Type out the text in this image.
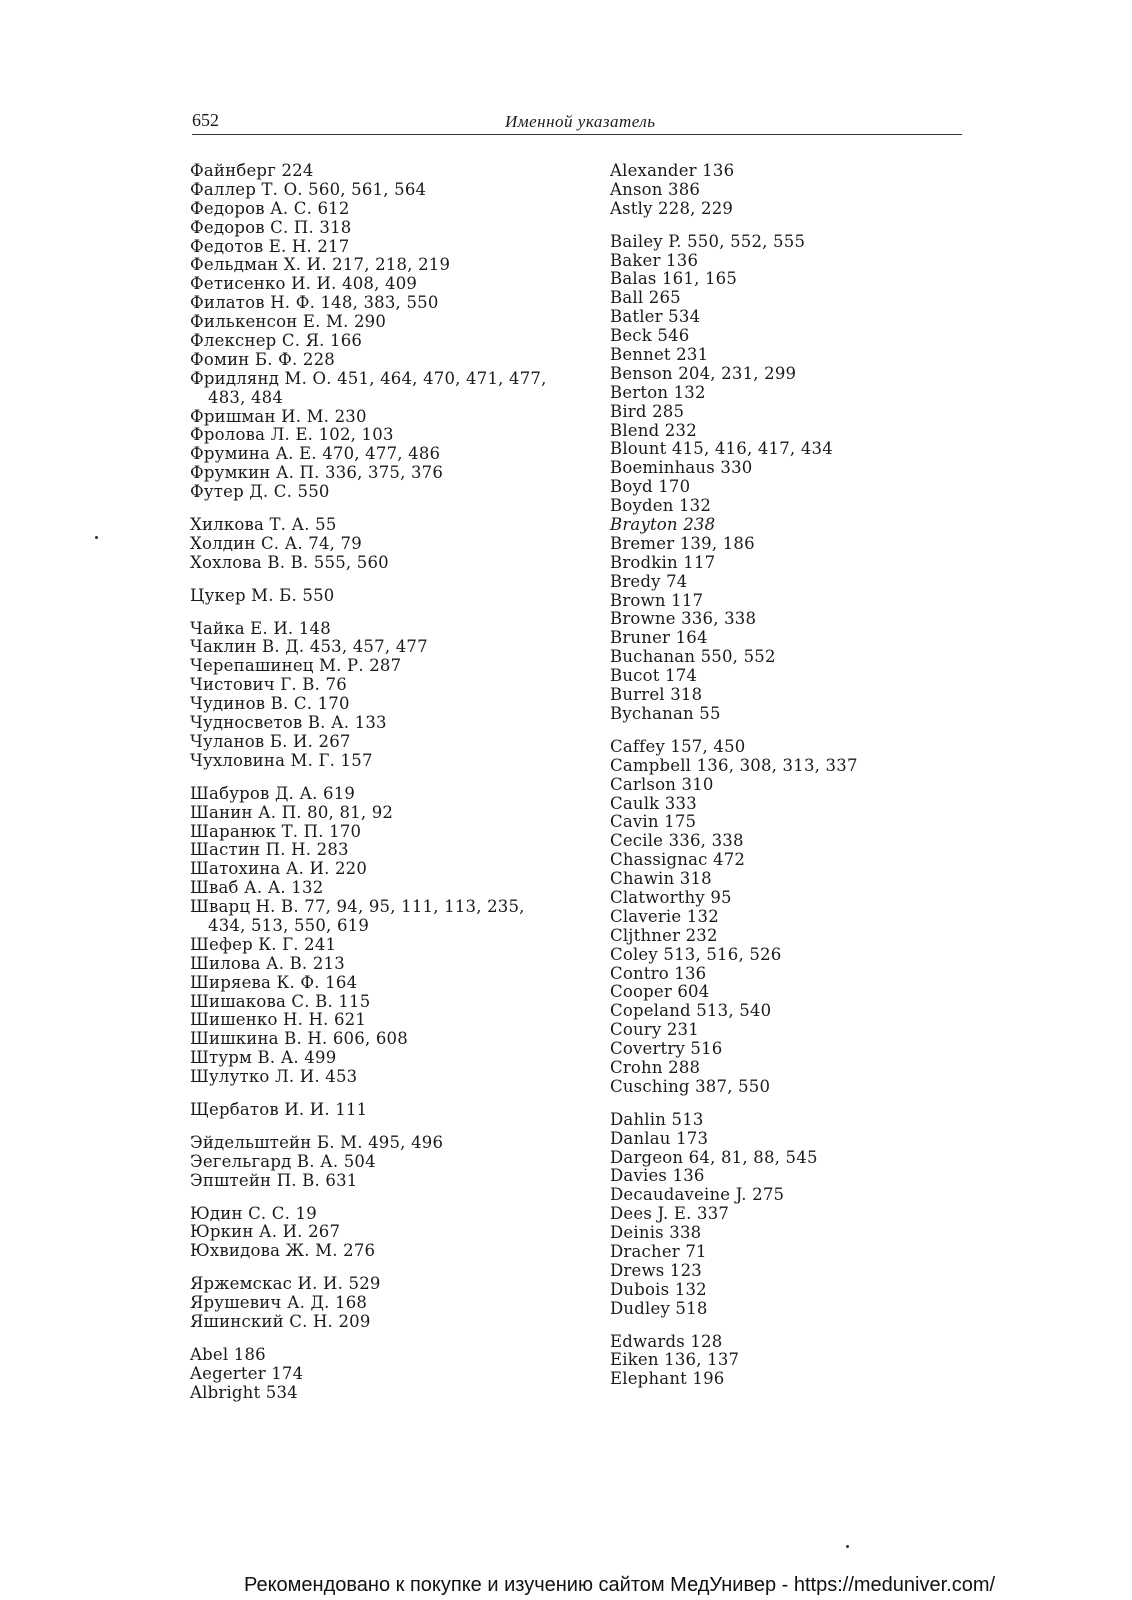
652	Именной указатель
Файнберг 224
Фаллер Т. О. 560, 561, 564
Федоров А. С. 612
Федоров С. П. 318
Федотов Е. Н. 217
Фельдман Х. И. 217, 218, 219
Фетисенко И. И. 408, 409
Филатов Н. Ф. 148, 383, 550
Филькенсон Е. М. 290
Флекснер С. Я. 166
Фомин Б. Ф. 228
Фридлянд М. О. 451, 464, 470, 471, 477,
483, 484
Фришман И. М. 230
Фролова Л. Е. 102, 103
Фрумина А. Е. 470, 477, 486
Фрумкин А. П. 336, 375, 376
Футер Д. С. 550
Хилкова Т. А. 55
Холдин С. А. 74, 79
Хохлова В. В. 555, 560
Цукер М. Б. 550
Чайка Е. И. 148
Чаклин В. Д. 453, 457, 477
Черепашинец М. Р. 287
Чистович Г. В. 76
Чудинов В. С. 170
Чудносветов В. А. 133
Чуланов Б. И. 267
Чухловина М. Г. 157
Шабуров Д. А. 619
Шанин А. П. 80, 81, 92
Шаранюк Т. П. 170
Шастин П. Н. 283
Шатохина А. И. 220
Шваб А. А. 132
Шварц Н. В. 77, 94, 95, 111, 113, 235,
434, 513, 550, 619
Шефер К. Г. 241
Шилова А. В. 213
Ширяева К. Ф. 164
Шишакова С. В. 115
Шишенко Н. Н. 621
Шишкина В. Н. 606, 608
Штурм В. А. 499
Шулутко Л. И. 453
Щербатов И. И. 111
Эйдельштейн Б. М. 495, 496
Эегельгард В. А. 504
Эпштейн П. В. 631
Юдин С. С. 19
Юркин А. И. 267
Юхвидова Ж. М. 276
Яржемскас И. И. 529
Ярушевич А. Д. 168
Яшинский С. Н. 209
Abel 186
Aegerter 174
Albright 534
Alexander 136
Anson 386
Astly 228, 229
Bailey P. 550, 552, 555
Baker 136
Balas 161, 165
Ball 265
Batler 534
Beck 546
Bennet 231
Benson 204, 231, 299
Berton 132
Bird 285
Blend 232
Blount 415, 416, 417, 434
Boeminhaus 330
Boyd 170
Boyden 132
Brayton 238
Bremer 139, 186
Brodkin 117
Bredy 74
Brown 117
Browne 336, 338
Bruner 164
Buchanan 550, 552
Bucot 174
Burrel 318
Bychanan 55
Caffey 157, 450
Campbell 136, 308, 313, 337
Carlson 310
Caulk 333
Cavin 175
Cecile 336, 338
Chassignac 472
Chawin 318
Clatworthy 95
Claverie 132
Cljthner 232
Coley 513, 516, 526
Contro 136
Cooper 604
Copeland 513, 540
Coury 231
Covertry 516
Crohn 288
Cusching 387, 550
Dahlin 513
Danlau 173
Dargeon 64, 81, 88, 545
Davies 136
Decaudaveine J. 275
Dees J. E. 337
Deinis 338
Dracher 71
Drews 123
Dubois 132
Dudley 518
Edwards 128
Eiken 136, 137
Elephant 196
Рекомендовано к покупке и изучению сайтом МедУнивер - https://meduniver.com/
